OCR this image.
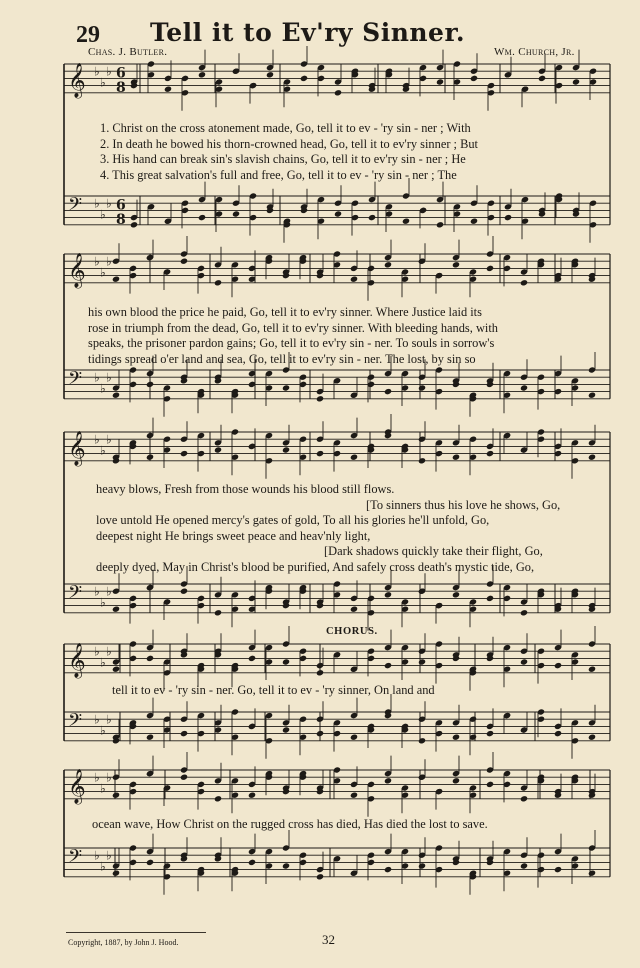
29 Tell it to Ev'ry Sinner.
Chas. J. Butler.	Wm. Church, Jr.
𝄞 ♭
♭
♭ 6
8
𝄢 ♭
♭
♭ 6
8
𝄞 ♭
♭
♭
𝄢 ♭
♭
♭
𝄞 ♭
♭
♭
𝄢 ♭
♭
♭
𝄞 ♭
♭
♭
𝄢 ♭
♭
♭
𝄞 ♭
♭
♭
𝄢 ♭
♭
♭
1. Christ on the cross atonement made, Go, tell it to ev - 'ry sin - ner ; With
2. In death he bowed his thorn-crowned head, Go, tell it to ev'ry sinner ; But
3. His hand can break sin's slavish chains, Go, tell it to ev'ry sin - ner ; He
4. This great salvation's full and free, Go, tell it to ev - 'ry sin - ner ; The
his own blood the price he paid, Go, tell it to ev'ry sinner. Where Justice laid its
rose in triumph from the dead, Go, tell it to ev'ry sinner. With bleeding hands, with
speaks, the prisoner pardon gains; Go, tell it to ev'ry sin - ner. To souls in sorrow's
tidings spread o'er land and sea, Go, tell it to ev'ry sin - ner. The lost, by sin so
heavy blows, Fresh from those wounds his blood still flows.
[To sinners thus his love he shows, Go,
love untold He opened mercy's gates of gold, To all his glories he'll unfold, Go,
deepest night He brings sweet peace and heav'nly light,
[Dark shadows quickly take their flight, Go,
deeply dyed, May in Christ's blood be purified, And safely cross death's mystic tide, Go,
CHORUS.
tell it to ev - 'ry sin - ner. Go, tell it to ev - 'ry sinner, On land and
ocean wave, How Christ on the rugged cross has died, Has died the lost to save.
Copyright, 1887, by John J. Hood.	32
